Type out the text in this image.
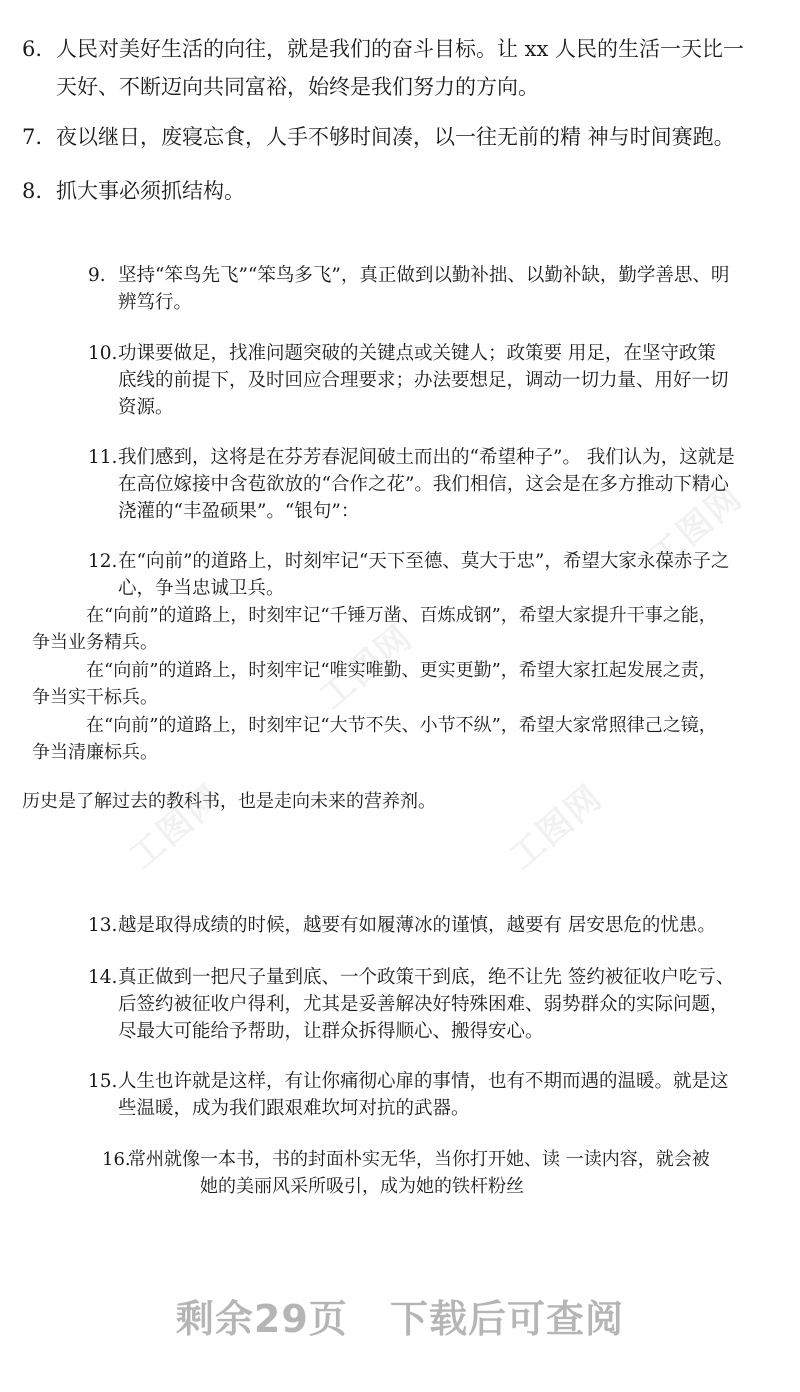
工图网	工图网
工图网
工图网
6. 人民对美好生活的向往，就是我们的奋斗目标。让 xx 人民的生活一天比一
天好、不断迈向共同富裕，始终是我们努力的方向。
7. 夜以继日，废寝忘食，人手不够时间凑，以一往无前的精 神与时间赛跑。
8. 抓大事必须抓结构。
9. 坚持“笨鸟先飞”“笨鸟多飞”，真正做到以勤补拙、以勤补缺，勤学善思、明
辨笃行。
10. 功课要做足，找准问题突破的关键点或关键人；政策要 用足，在坚守政策
底线的前提下，及时回应合理要求；办法要想足，调动一切力量、用好一切
资源。
11. 我们感到，这将是在芬芳春泥间破土而出的“希望种子”。 我们认为，这就是
在高位嫁接中含苞欲放的“合作之花”。我们相信，这会是在多方推动下精心
浇灌的“丰盈硕果”。“银句”：
12. 在“向前”的道路上，时刻牢记“天下至德、莫大于忠”，希望大家永葆赤子之
心，争当忠诚卫兵。
在“向前”的道路上，时刻牢记“千锤万凿、百炼成钢”，希望大家提升干事之能，
争当业务精兵。
在“向前”的道路上，时刻牢记“唯实唯勤、更实更勤”，希望大家扛起发展之责，
争当实干标兵。
在“向前”的道路上，时刻牢记“大节不失、小节不纵”，希望大家常照律己之镜，
争当清廉标兵。
历史是了解过去的教科书，也是走向未来的营养剂。
13. 越是取得成绩的时候，越要有如履薄冰的谨慎，越要有 居安思危的忧患。
14. 真正做到一把尺子量到底、一个政策干到底，绝不让先 签约被征收户吃亏、
后签约被征收户得利，尤其是妥善解决好特殊困难、弱势群众的实际问题，
尽最大可能给予帮助，让群众拆得顺心、搬得安心。
15. 人生也许就是这样，有让你痛彻心扉的事情，也有不期而遇的温暖。就是这
些温暖，成为我们跟艰难坎坷对抗的武器。
16.
常州就像一本书，书的封面朴实无华，当你打开她、读 一读内容，就会被
她的美丽风采所吸引，成为她的铁杆粉丝
剩余29页 下载后可查阅
